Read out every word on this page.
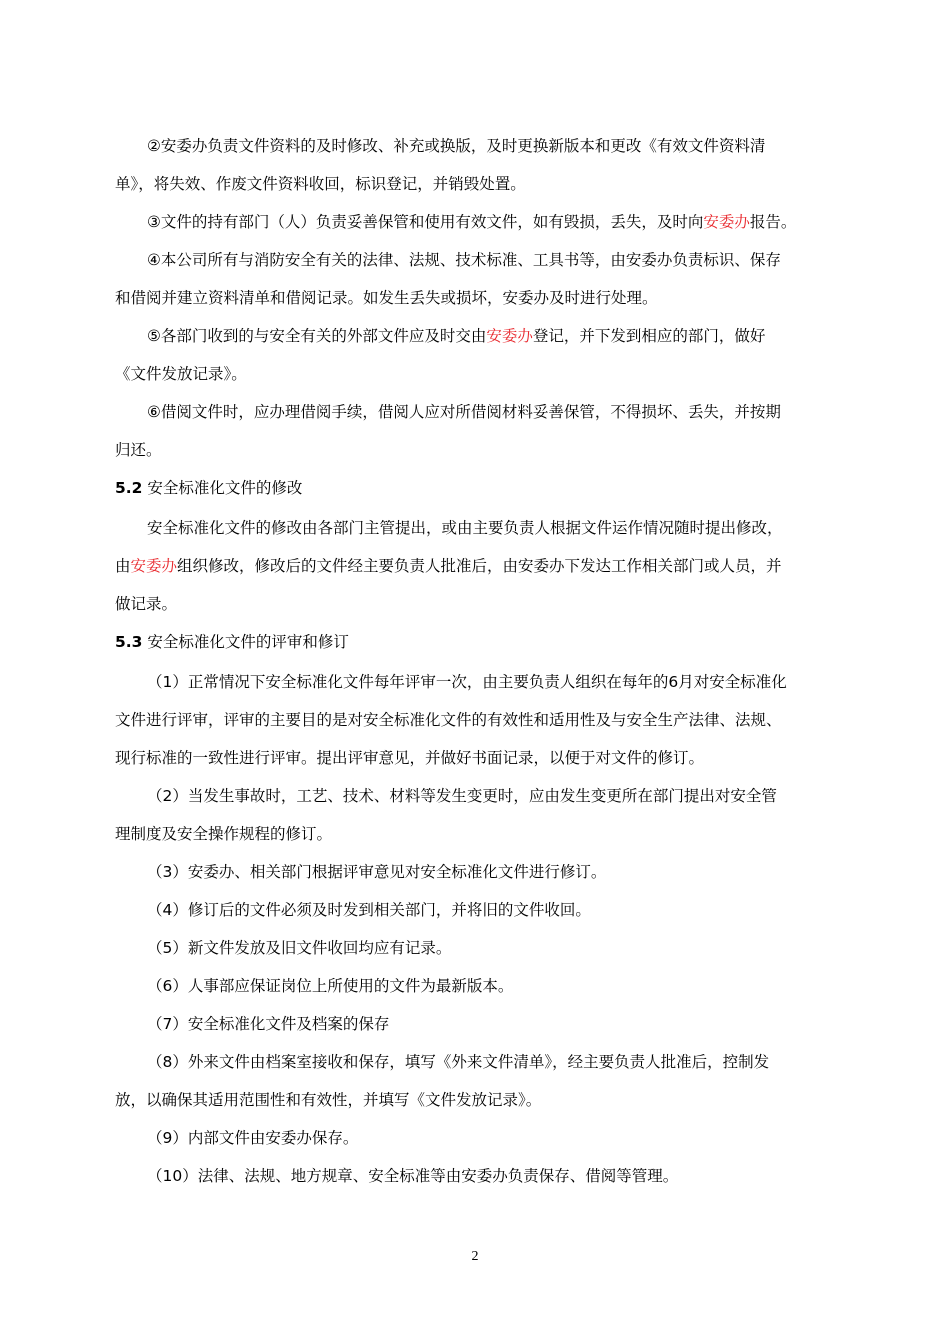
②安委办负责文件资料的及时修改、补充或换版，及时更换新版本和更改《有效文件资料清
单》，将失效、作废文件资料收回，标识登记，并销毁处置。
③文件的持有部门（人）负责妥善保管和使用有效文件，如有毁损，丢失，及时向安委办报告。
④本公司所有与消防安全有关的法律、法规、技术标准、工具书等，由安委办负责标识、保存
和借阅并建立资料清单和借阅记录。如发生丢失或损坏，安委办及时进行处理。
⑤各部门收到的与安全有关的外部文件应及时交由安委办登记，并下发到相应的部门，做好
《文件发放记录》。
⑥借阅文件时，应办理借阅手续，借阅人应对所借阅材料妥善保管，不得损坏、丢失，并按期
归还。
5.2 安全标准化文件的修改
安全标准化文件的修改由各部门主管提出，或由主要负责人根据文件运作情况随时提出修改，
由安委办组织修改，修改后的文件经主要负责人批准后，由安委办下发达工作相关部门或人员，并
做记录。
5.3 安全标准化文件的评审和修订
（1）正常情况下安全标准化文件每年评审一次，由主要负责人组织在每年的6月对安全标准化
文件进行评审，评审的主要目的是对安全标准化文件的有效性和适用性及与安全生产法律、法规、
现行标准的一致性进行评审。提出评审意见，并做好书面记录，以便于对文件的修订。
（2）当发生事故时，工艺、技术、材料等发生变更时，应由发生变更所在部门提出对安全管
理制度及安全操作规程的修订。
（3）安委办、相关部门根据评审意见对安全标准化文件进行修订。
（4）修订后的文件必须及时发到相关部门，并将旧的文件收回。
（5）新文件发放及旧文件收回均应有记录。
（6）人事部应保证岗位上所使用的文件为最新版本。
（7）安全标准化文件及档案的保存
（8）外来文件由档案室接收和保存，填写《外来文件清单》，经主要负责人批准后，控制发
放，以确保其适用范围性和有效性，并填写《文件发放记录》。
（9）内部文件由安委办保存。
（10）法律、法规、地方规章、安全标准等由安委办负责保存、借阅等管理。
2
